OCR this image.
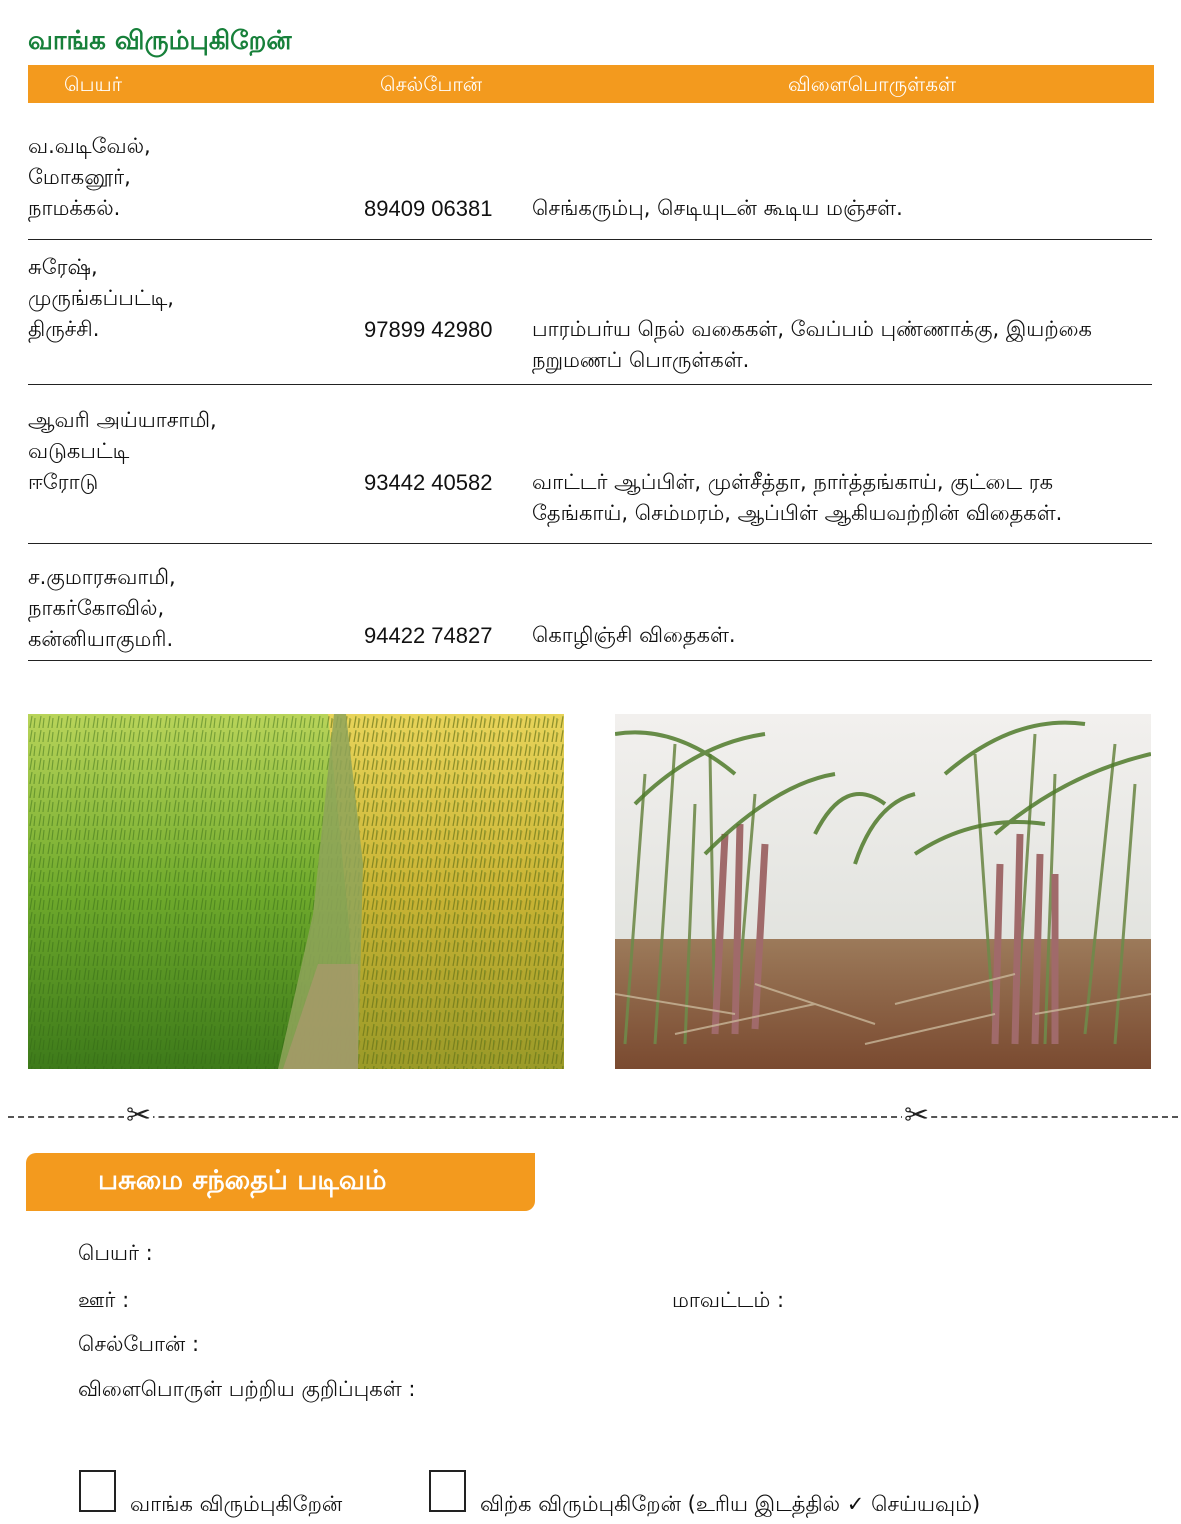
வாங்க விரும்புகிறேன்
பெயர்	செல்போன்	விளைபொருள்கள்
வ.வடிவேல்,
மோகனூர்,
நாமக்கல்.	89409 06381 செங்கரும்பு, செடியுடன் கூடிய மஞ்சள்.
சுரேஷ்,
முருங்கப்பட்டி,
திருச்சி.	97899 42980 பாரம்பர்ய நெல் வகைகள், வேப்பம் புண்ணாக்கு, இயற்கை நறுமணப் பொருள்கள்.
ஆவரி அய்யாசாமி,
வடுகபட்டி
ஈரோடு	93442 40582 வாட்டர் ஆப்பிள், முள்சீத்தா, நார்த்தங்காய், குட்டை ரக தேங்காய், செம்மரம், ஆப்பிள் ஆகியவற்றின் விதைகள்.
ச.குமாரசுவாமி,
நாகர்கோவில்,
கன்னியாகுமரி.	94422 74827 கொழிஞ்சி விதைகள்.
✂	✂
பசுமை சந்தைப் படிவம்
பெயர் :
ஊர் :	மாவட்டம் :
செல்போன் :
விளைபொருள் பற்றிய குறிப்புகள் :
வாங்க விரும்புகிறேன்	விற்க விரும்புகிறேன் (உரிய இடத்தில் ✓ செய்யவும்)
